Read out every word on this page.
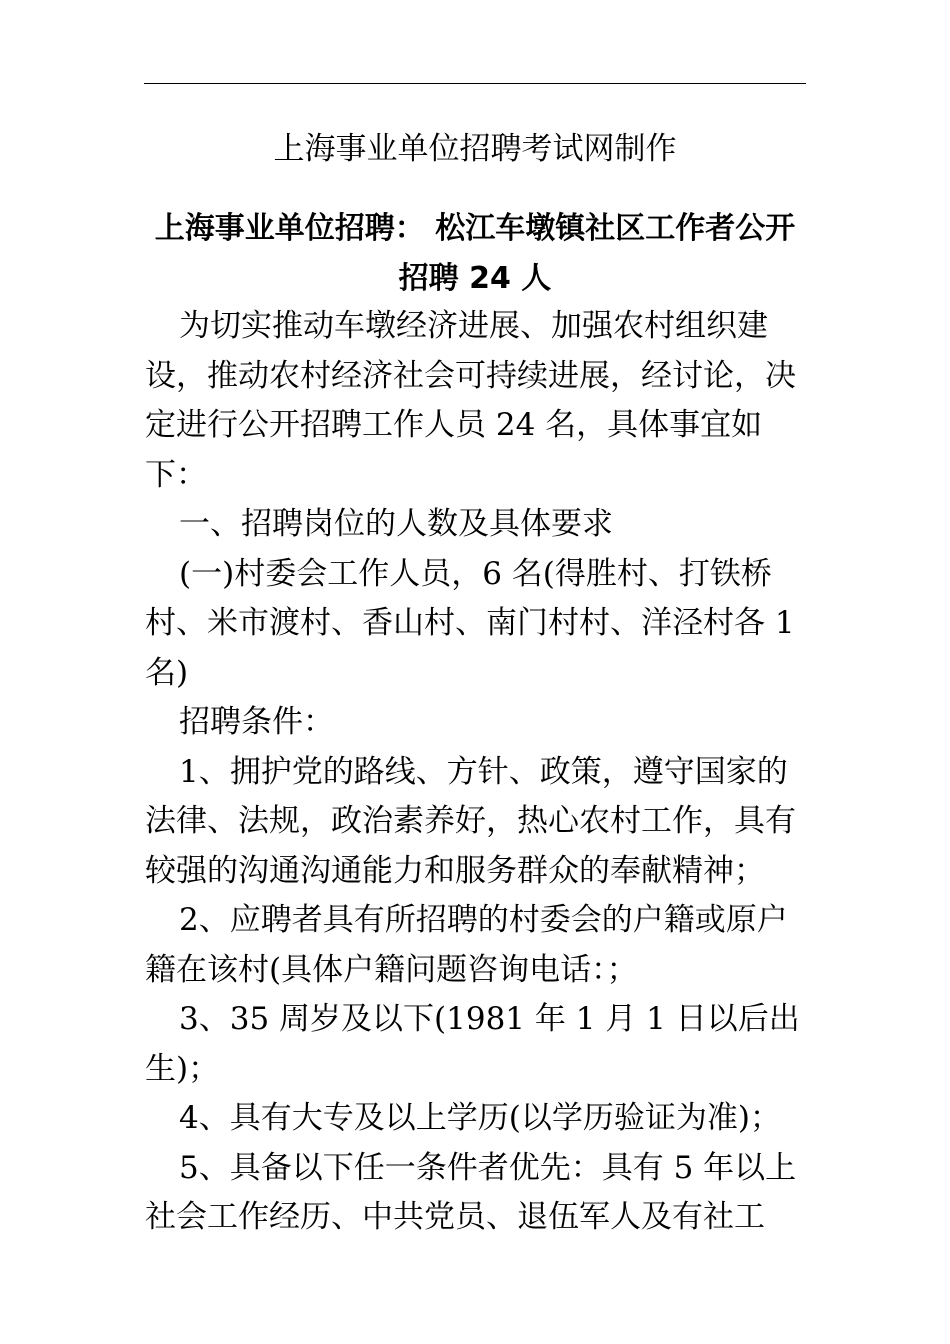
上海事业单位招聘考试网制作
上海事业单位招聘： 松江车墩镇社区工作者公开招聘 24 人

为切实推动车墩经济进展、加强农村组织建设，推动农村经济社会可持续进展，经讨论，决定进行公开招聘工作人员 24 名，具体事宜如下：

一、招聘岗位的人数及具体要求

(一)村委会工作人员，6 名(得胜村、打铁桥村、米市渡村、香山村、南门村村、洋泾村各 1 名)

招聘条件：

1、拥护党的路线、方针、政策，遵守国家的法律、法规，政治素养好，热心农村工作，具有较强的沟通沟通能力和服务群众的奉献精神；

2、应聘者具有所招聘的村委会的户籍或原户籍在该村(具体户籍问题咨询电话：；

3、35 周岁及以下(1981 年 1 月 1 日以后出生)；

4、具有大专及以上学历(以学历验证为准)；

5、具备以下任一条件者优先：具有 5 年以上社会工作经历、中共党员、退伍军人及有社工
